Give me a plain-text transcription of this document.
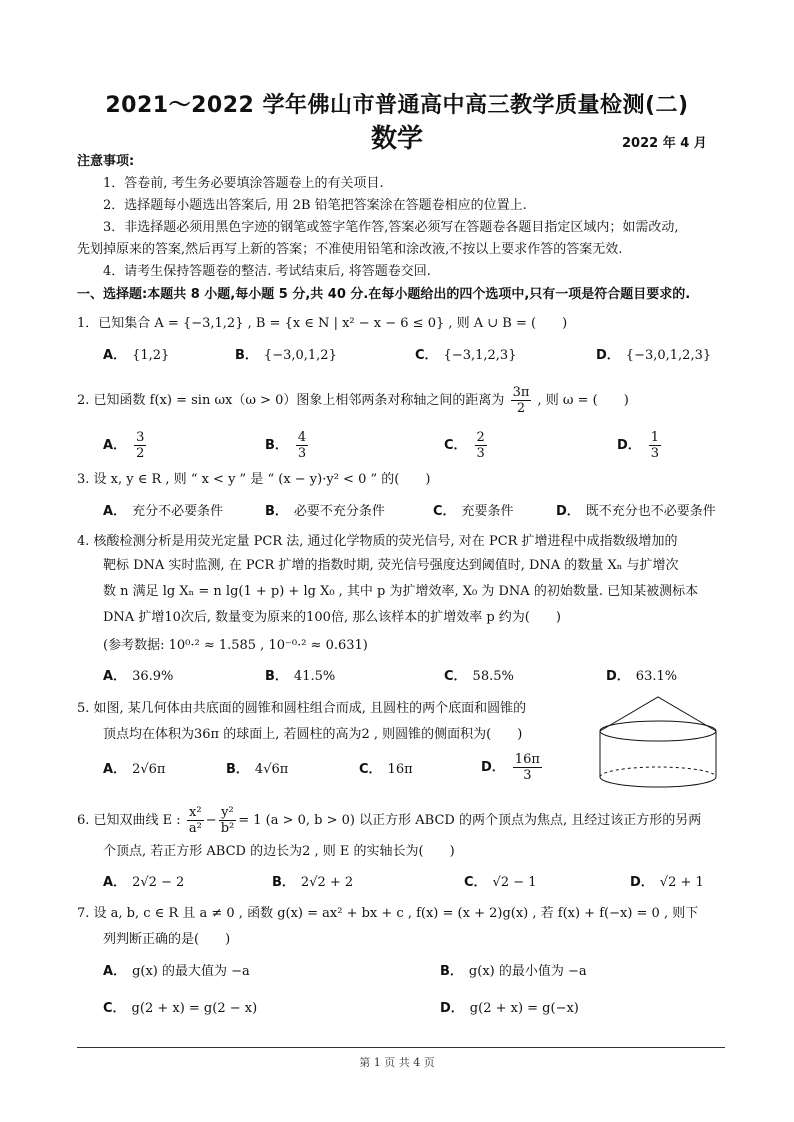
2021～2022 学年佛山市普通高中高三教学质量检测(二)
数学	2022 年 4 月
注意事项:
1．答卷前, 考生务必要填涂答题卷上的有关项目.
2．选择题每小题选出答案后, 用 2B 铅笔把答案涂在答题卷相应的位置上.
3．非选择题必须用黑色字迹的钢笔或签字笔作答,答案必须写在答题卷各题目指定区域内；如需改动,
先划掉原来的答案,然后再写上新的答案；不准使用铅笔和涂改液,不按以上要求作答的答案无效.
4．请考生保持答题卷的整洁. 考试结束后, 将答题卷交回.
一、选择题:本题共 8 小题,每小题 5 分,共 40 分.在每小题给出的四个选项中,只有一项是符合题目要求的.
1．已知集合 A = {−3,1,2} , B = {x ∈ N | x² − x − 6 ≤ 0} , 则 A ∪ B = (　　)
A． {1,2}	B． {−3,0,1,2}	C． {−3,1,2,3}	D． {−3,0,1,2,3}
2. 已知函数 f(x) = sin ωx（ω > 0）图象上相邻两条对称轴之间的距离为 $\frac{3\pi}{2}$ , 则 ω = (　　)
A． $\frac{3}{2}$	B． $\frac{4}{3}$	C． $\frac{2}{3}$	D． $\frac{1}{3}$
3. 设 x, y ∈ R , 则 “ x < y ” 是 “ (x − y)·y² < 0 ” 的(　　)
A． 充分不必要条件	B． 必要不充分条件	C． 充要条件	D． 既不充分也不必要条件
4. 核酸检测分析是用荧光定量 PCR 法, 通过化学物质的荧光信号, 对在 PCR 扩增进程中成指数级增加的
靶标 DNA 实时监测, 在 PCR 扩增的指数时期, 荧光信号强度达到阈值时, DNA 的数量 Xₙ 与扩增次
数 n 满足 lg Xₙ = n lg(1 + p) + lg X₀ , 其中 p 为扩增效率, X₀ 为 DNA 的初始数量. 已知某被测标本
DNA 扩增10次后, 数量变为原来的100倍, 那么该样本的扩增效率 p 约为(　　)
(参考数据: 10⁰·² ≈ 1.585 , 10⁻⁰·² ≈ 0.631)
A． 36.9%	B． 41.5%	C． 58.5%	D． 63.1%
5. 如图, 某几何体由共底面的圆锥和圆柱组合而成, 且圆柱的两个底面和圆锥的
顶点均在体积为36π 的球面上, 若圆柱的高为2 , 则圆锥的侧面积为(　　)
A． 2√6π	B． 4√6π	C． 16π	D． $\frac{16\pi}{3}$
6. 已知双曲线 E : $\frac{\text{x²}}{\text{a²}} - \frac{\text{y²}}{\text{b²}} = 1$ (a > 0, b > 0) 以正方形 ABCD 的两个顶点为焦点, 且经过该正方形的另两
个顶点, 若正方形 ABCD 的边长为2 , 则 E 的实轴长为(　　)
A． 2√2 − 2	B． 2√2 + 2	C． √2 − 1	D． √2 + 1
7. 设 a, b, c ∈ R 且 a ≠ 0 , 函数 g(x) = ax² + bx + c , f(x) = (x + 2)g(x) , 若 f(x) + f(−x) = 0 , 则下
列判断正确的是(　　)
A． g(x) 的最大值为 −a	B． g(x) 的最小值为 −a
C． g(2 + x) = g(2 − x)	D． g(2 + x) = g(−x)
第 1 页 共 4 页
